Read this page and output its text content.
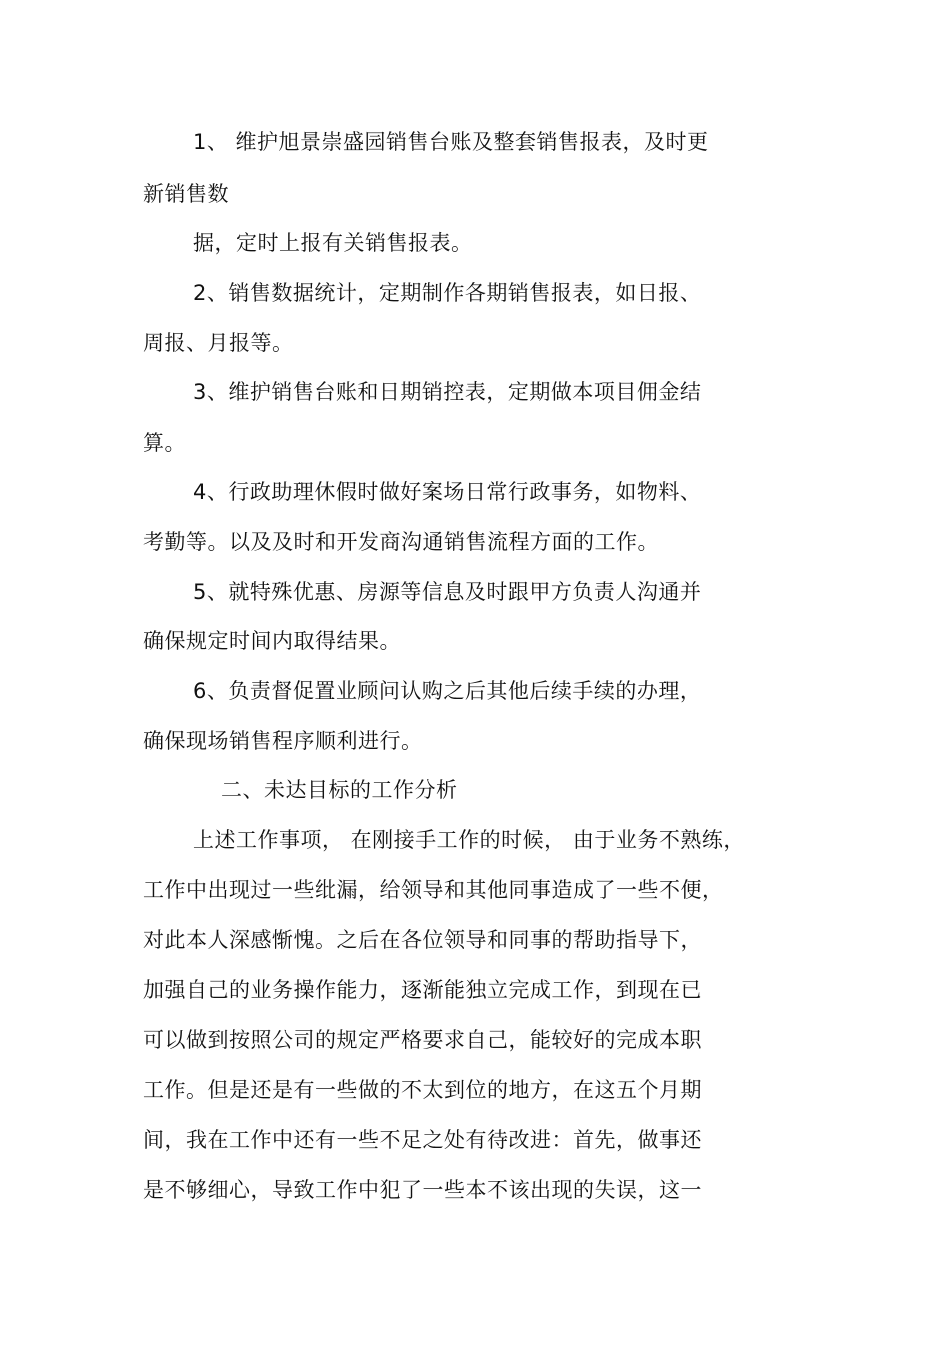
1、 维护旭景崇盛园销售台账及整套销售报表，及时更

新销售数

据，定时上报有关销售报表。

2、销售数据统计，定期制作各期销售报表，如日报、

周报、月报等。

3、维护销售台账和日期销控表，定期做本项目佣金结

算。

4、行政助理休假时做好案场日常行政事务，如物料、

考勤等。以及及时和开发商沟通销售流程方面的工作。

5、就特殊优惠、房源等信息及时跟甲方负责人沟通并

确保规定时间内取得结果。

6、负责督促置业顾问认购之后其他后续手续的办理，

确保现场销售程序顺利进行。

二、未达目标的工作分析

上述工作事项， 在刚接手工作的时候， 由于业务不熟练，

工作中出现过一些纰漏，给领导和其他同事造成了一些不便，

对此本人深感惭愧。之后在各位领导和同事的帮助指导下，

加强自己的业务操作能力，逐渐能独立完成工作，到现在已

可以做到按照公司的规定严格要求自己，能较好的完成本职

工作。但是还是有一些做的不太到位的地方，在这五个月期

间，我在工作中还有一些不足之处有待改进：首先，做事还

是不够细心，导致工作中犯了一些本不该出现的失误，这一
